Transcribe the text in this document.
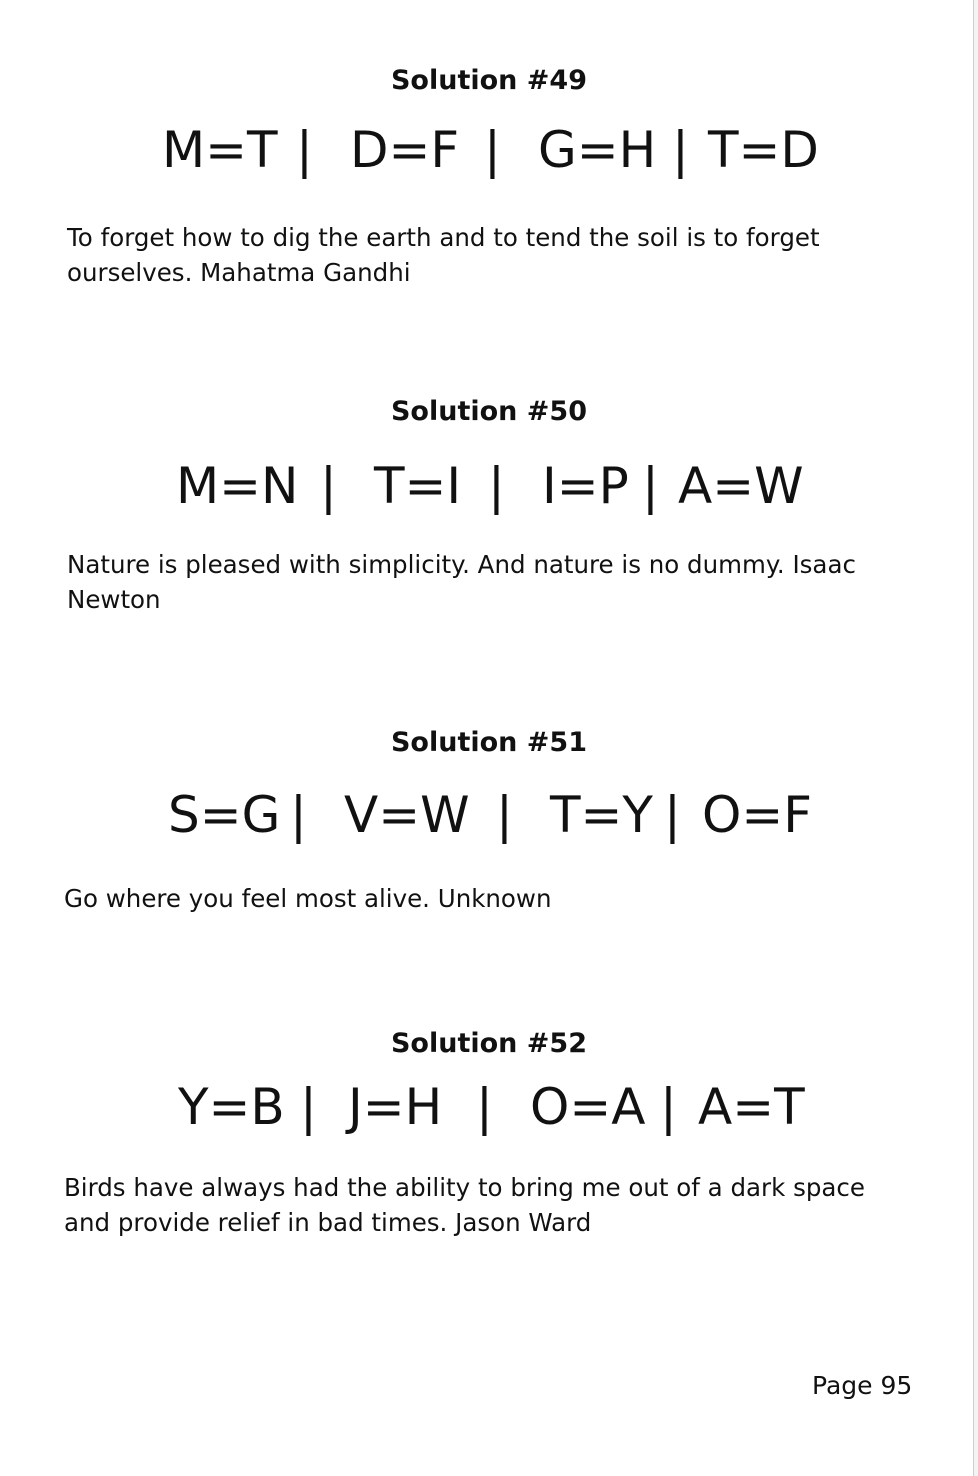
Solution #49
M=T | D=F | G=H | T=D
To forget how to dig the earth and to tend the soil is to forget ourselves. Mahatma Gandhi
Solution #50
M=N | T=I | I=P | A=W
Nature is pleased with simplicity. And nature is no dummy. Isaac Newton
Solution #51
S=G | V=W | T=Y | O=F
Go where you feel most alive. Unknown
Solution #52
Y=B | J=H | O=A | A=T
Birds have always had the ability to bring me out of a dark space and provide relief in bad times. Jason Ward
Page 95
